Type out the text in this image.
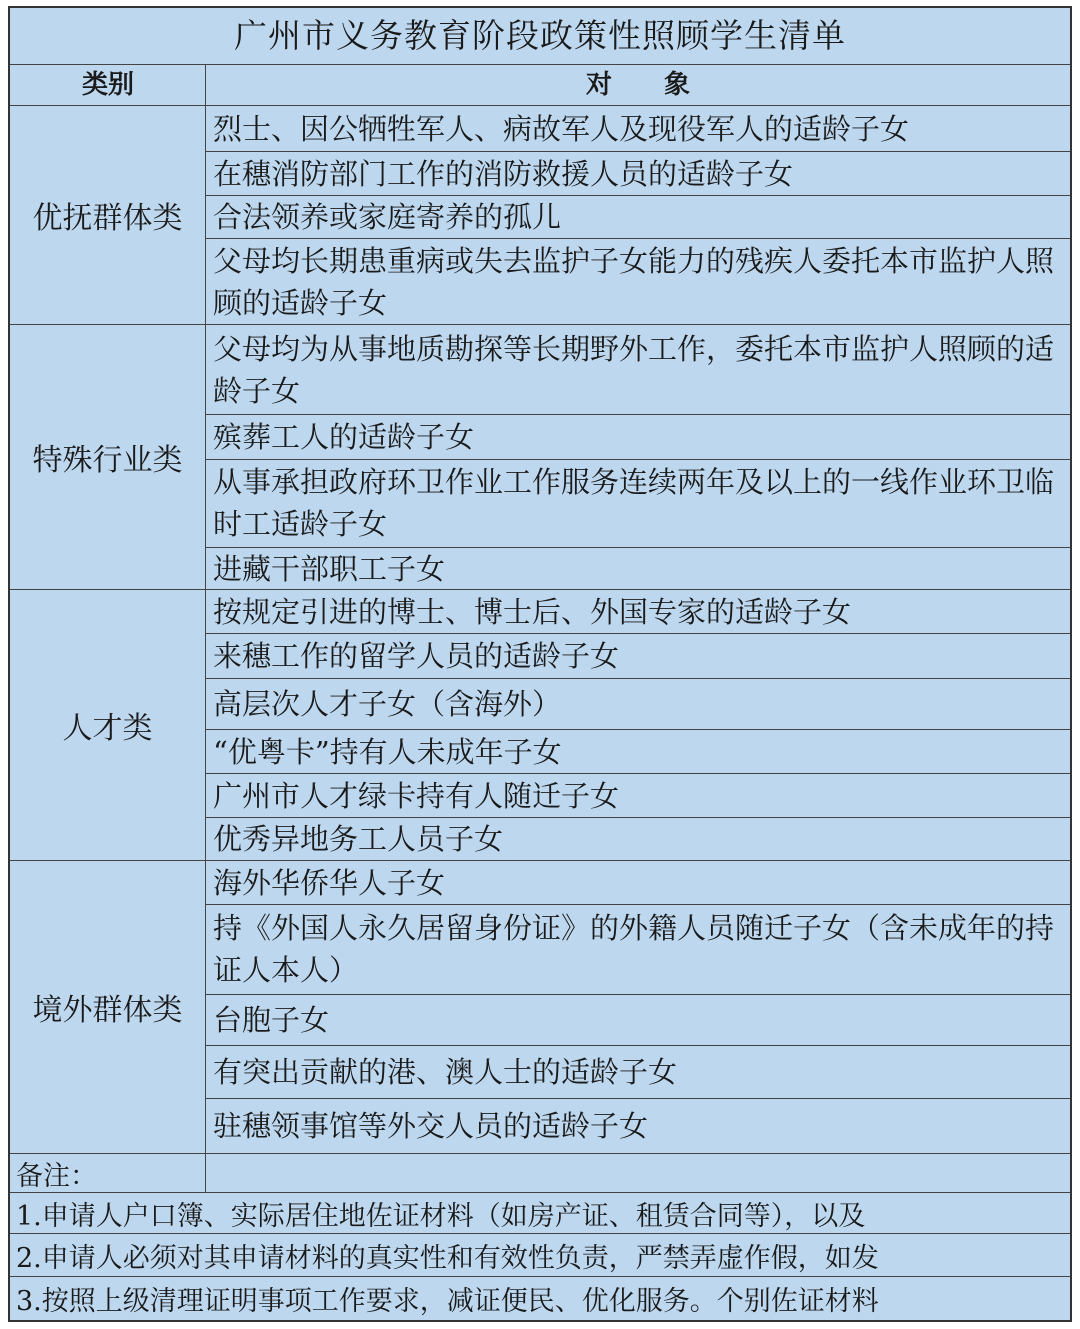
广州市义务教育阶段政策性照顾学生清单
类别	对　　象
优抚群体类
烈士、因公牺牲军人、病故军人及现役军人的适龄子女
在穗消防部门工作的消防救援人员的适龄子女
合法领养或家庭寄养的孤儿
父母均长期患重病或失去监护子女能力的残疾人委托本市监护人照顾的适龄子女
特殊行业类
父母均为从事地质勘探等长期野外工作，委托本市监护人照顾的适龄子女
殡葬工人的适龄子女
从事承担政府环卫作业工作服务连续两年及以上的一线作业环卫临时工适龄子女
进藏干部职工子女
人才类
按规定引进的博士、博士后、外国专家的适龄子女
来穗工作的留学人员的适龄子女
高层次人才子女（含海外）
“优粤卡”持有人未成年子女
广州市人才绿卡持有人随迁子女
优秀异地务工人员子女
境外群体类
海外华侨华人子女
持《外国人永久居留身份证》的外籍人员随迁子女（含未成年的持证人本人）
台胞子女
有突出贡献的港、澳人士的适龄子女
驻穗领事馆等外交人员的适龄子女
备注：
1.申请人户口簿、实际居住地佐证材料（如房产证、租赁合同等），以及
2.申请人必须对其申请材料的真实性和有效性负责，严禁弄虚作假，如发
3.按照上级清理证明事项工作要求，减证便民、优化服务。个别佐证材料
